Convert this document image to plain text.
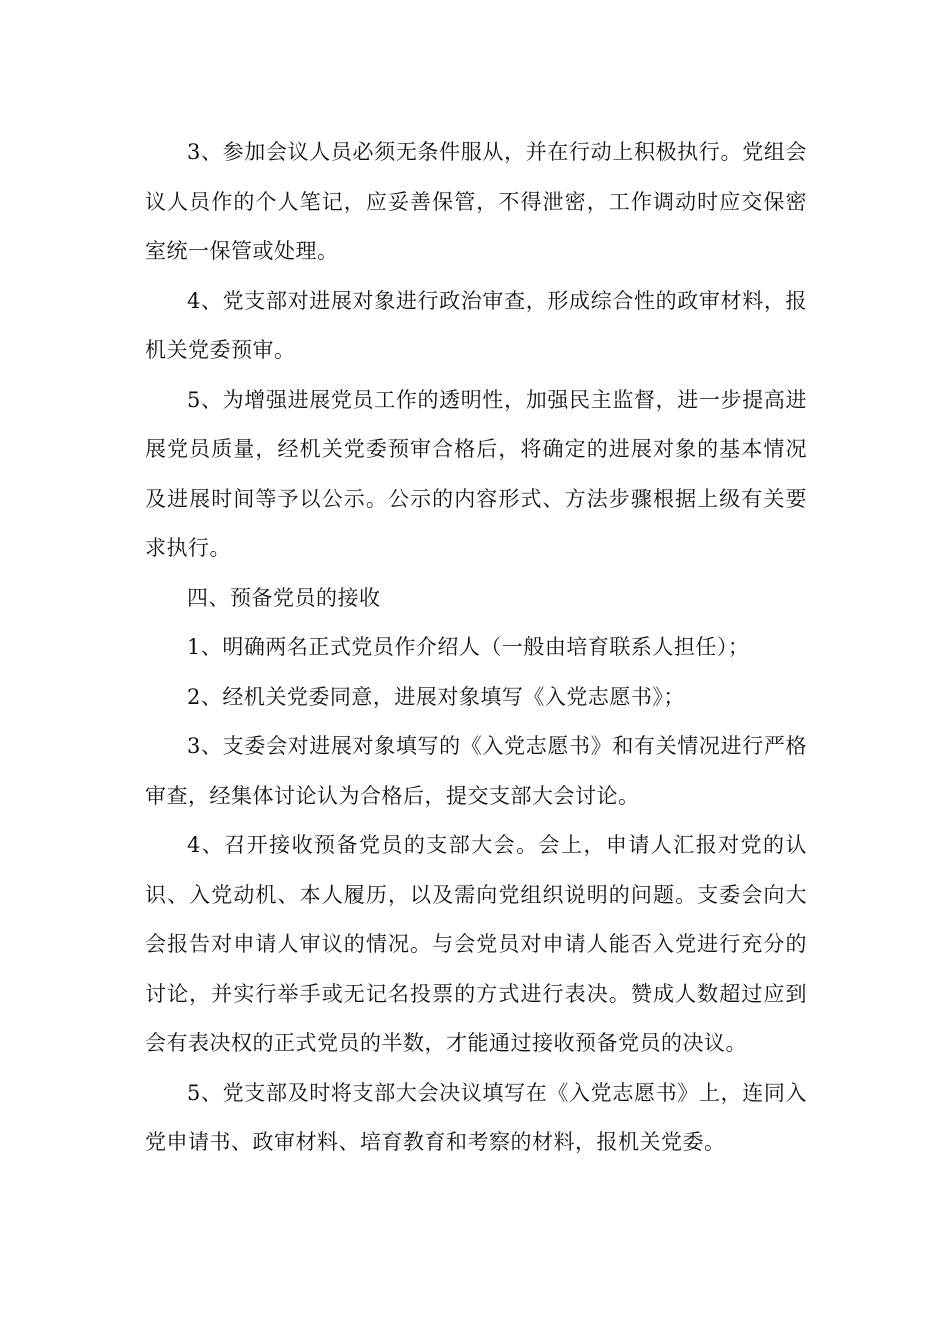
3、参加会议人员必须无条件服从，并在行动上积极执行。党组会议人员作的个人笔记，应妥善保管，不得泄密，工作调动时应交保密室统一保管或处理。

4、党支部对进展对象进行政治审查，形成综合性的政审材料，报机关党委预审。

5、为增强进展党员工作的透明性，加强民主监督，进一步提高进展党员质量，经机关党委预审合格后，将确定的进展对象的基本情况及进展时间等予以公示。公示的内容形式、方法步骤根据上级有关要求执行。

四、预备党员的接收

1、明确两名正式党员作介绍人（一般由培育联系人担任）；

2、经机关党委同意，进展对象填写《入党志愿书》；

3、支委会对进展对象填写的《入党志愿书》和有关情况进行严格审查，经集体讨论认为合格后，提交支部大会讨论。

4、召开接收预备党员的支部大会。会上，申请人汇报对党的认识、入党动机、本人履历，以及需向党组织说明的问题。支委会向大会报告对申请人审议的情况。与会党员对申请人能否入党进行充分的讨论，并实行举手或无记名投票的方式进行表决。赞成人数超过应到会有表决权的正式党员的半数，才能通过接收预备党员的决议。

5、党支部及时将支部大会决议填写在《入党志愿书》上，连同入党申请书、政审材料、培育教育和考察的材料，报机关党委。
